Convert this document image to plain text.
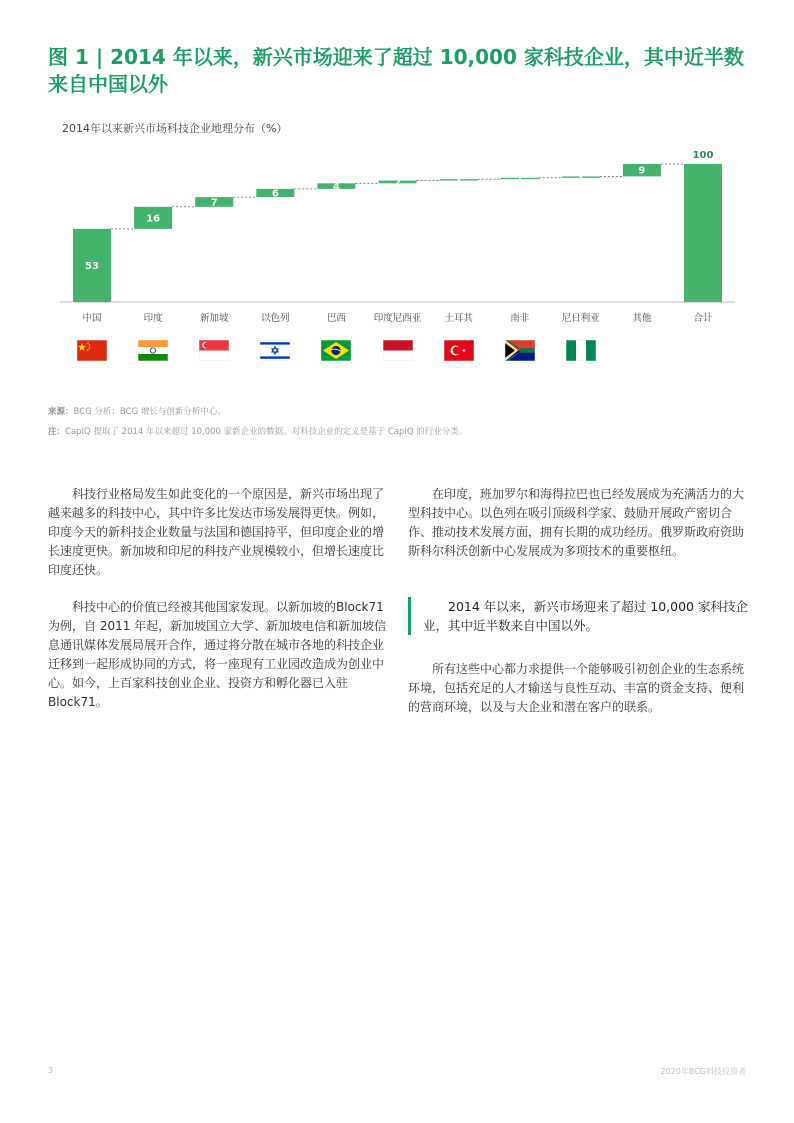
图 1 | 2014 年以来，新兴市场迎来了超过 10,000 家科技企业，其中近半数来自中国以外
2014年以来新兴市场科技企业地理分布（%）
53
中国
16
印度
7
新加坡
6
以色列
4
巴西
2
印度尼西亚
1
土耳其
1
南非
1
尼日利亚
9
其他
100
合计
来源：BCG 分析；BCG 增长与创新分析中心。
注：CapIQ 提取了 2014 年以来超过 10,000 家新企业的数据。对科技企业的定义是基于 CapIQ 的行业分类。

科技行业格局发生如此变化的一个原因是，新兴市场出现了越来越多的科技中心，其中许多比发达市场发展得更快。例如，印度今天的新科技企业数量与法国和德国持平，但印度企业的增长速度更快。新加坡和印尼的科技产业规模较小，但增长速度比印度还快。

科技中心的价值已经被其他国家发现。以新加坡的Block71为例，自 2011 年起，新加坡国立大学、新加坡电信和新加坡信息通讯媒体发展局展开合作，通过将分散在城市各地的科技企业迁移到一起形成协同的方式，将一座现有工业园改造成为创业中心。如今，上百家科技创业企业、投资方和孵化器已入驻 Block71。

在印度，班加罗尔和海得拉巴也已经发展成为充满活力的大型科技中心。以色列在吸引顶级科学家、鼓励开展政产密切合作、推动技术发展方面，拥有长期的成功经历。俄罗斯政府资助斯科尔科沃创新中心发展成为多项技术的重要枢纽。

2014 年以来，新兴市场迎来了超过 10,000 家科技企业，其中近半数来自中国以外。

所有这些中心都力求提供一个能够吸引初创企业的生态系统环境，包括充足的人才输送与良性互动、丰富的资金支持、便利的营商环境，以及与大企业和潜在客户的联系。

3	2020年BCG科技投资者
